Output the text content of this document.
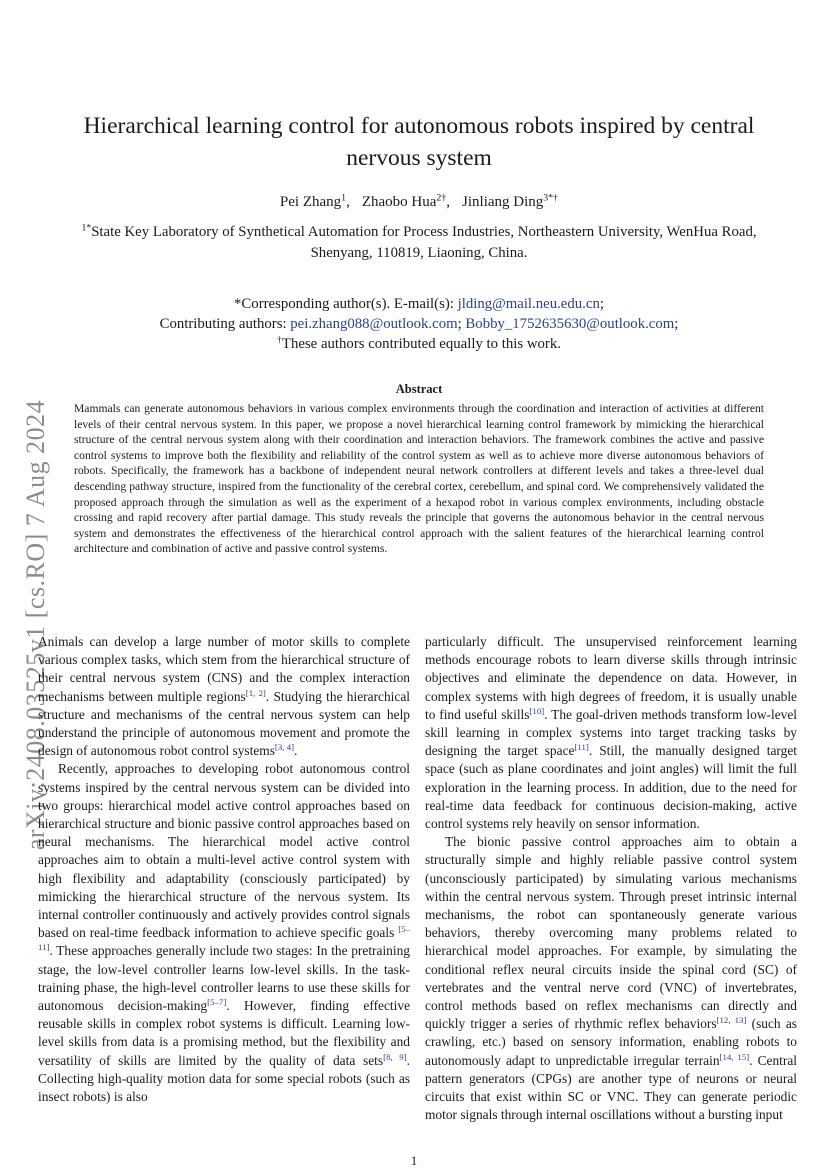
arXiv:2408.03525v1 [cs.RO] 7 Aug 2024
Hierarchical learning control for autonomous robots inspired by central nervous system
Pei Zhang$^1$, Zhaobo Hua$^{2\dagger}$, Jinliang Ding$^{3*\dagger}$
$^{1*}$State Key Laboratory of Synthetical Automation for Process Industries, Northeastern University, WenHua Road, Shenyang, 110819, Liaoning, China.
*Corresponding author(s). E-mail(s): jlding@mail.neu.edu.cn;
Contributing authors: pei.zhang088@outlook.com; Bobby_1752635630@outlook.com;
†These authors contributed equally to this work.
Abstract

Mammals can generate autonomous behaviors in various complex environments through the coordination and interaction of activities at different levels of their central nervous system. In this paper, we propose a novel hierarchical learning control framework by mimicking the hierarchical structure of the central nervous system along with their coordination and interaction behaviors. The framework combines the active and passive control systems to improve both the flexibility and reliability of the control system as well as to achieve more diverse autonomous behaviors of robots. Specifically, the framework has a backbone of independent neural network controllers at different levels and takes a three-level dual descending pathway structure, inspired from the functionality of the cerebral cortex, cerebellum, and spinal cord. We comprehensively validated the proposed approach through the simulation as well as the experiment of a hexapod robot in various complex environments, including obstacle crossing and rapid recovery after partial damage. This study reveals the principle that governs the autonomous behavior in the central nervous system and demonstrates the effectiveness of the hierarchical control approach with the salient features of the hierarchical learning control architecture and combination of active and passive control systems.

Animals can develop a large number of motor skills to complete various complex tasks, which stem from the hierarchical structure of their central nervous system (CNS) and the complex interaction mechanisms between multiple regions[1, 2]. Studying the hierarchical structure and mechanisms of the central nervous system can help understand the principle of autonomous movement and promote the design of autonomous robot control systems[3, 4].

Recently, approaches to developing robot autonomous control systems inspired by the central nervous system can be divided into two groups: hierarchical model active control approaches based on hierarchical structure and bionic passive control approaches based on neural mechanisms. The hierarchical model active control approaches aim to obtain a multi-level active control system with high flexibility and adaptability (consciously participated) by mimicking the hierarchical structure of the nervous system. Its internal controller continuously and actively provides control signals based on real-time feedback information to achieve specific goals [5–11]. These approaches generally include two stages: In the pretraining stage, the low-level controller learns low-level skills. In the task-training phase, the high-level controller learns to use these skills for autonomous decision-making[5–7]. However, finding effective reusable skills in complex robot systems is difficult. Learning low-level skills from data is a promising method, but the flexibility and versatility of skills are limited by the quality of data sets[8, 9]. Collecting high-quality motion data for some special robots (such as insect robots) is also

particularly difficult. The unsupervised reinforcement learning methods encourage robots to learn diverse skills through intrinsic objectives and eliminate the dependence on data. However, in complex systems with high degrees of freedom, it is usually unable to find useful skills[10]. The goal-driven methods transform low-level skill learning in complex systems into target tracking tasks by designing the target space[11]. Still, the manually designed target space (such as plane coordinates and joint angles) will limit the full exploration in the learning process. In addition, due to the need for real-time data feedback for continuous decision-making, active control systems rely heavily on sensor information.

The bionic passive control approaches aim to obtain a structurally simple and highly reliable passive control system (unconsciously participated) by simulating various mechanisms within the central nervous system. Through preset intrinsic internal mechanisms, the robot can spontaneously generate various behaviors, thereby overcoming many problems related to hierarchical model approaches. For example, by simulating the conditional reflex neural circuits inside the spinal cord (SC) of vertebrates and the ventral nerve cord (VNC) of invertebrates, control methods based on reflex mechanisms can directly and quickly trigger a series of rhythmic reflex behaviors[12, 13] (such as crawling, etc.) based on sensory information, enabling robots to autonomously adapt to unpredictable irregular terrain[14, 15]. Central pattern generators (CPGs) are another type of neurons or neural circuits that exist within SC or VNC. They can generate periodic motor signals through internal oscillations without a bursting input

1
